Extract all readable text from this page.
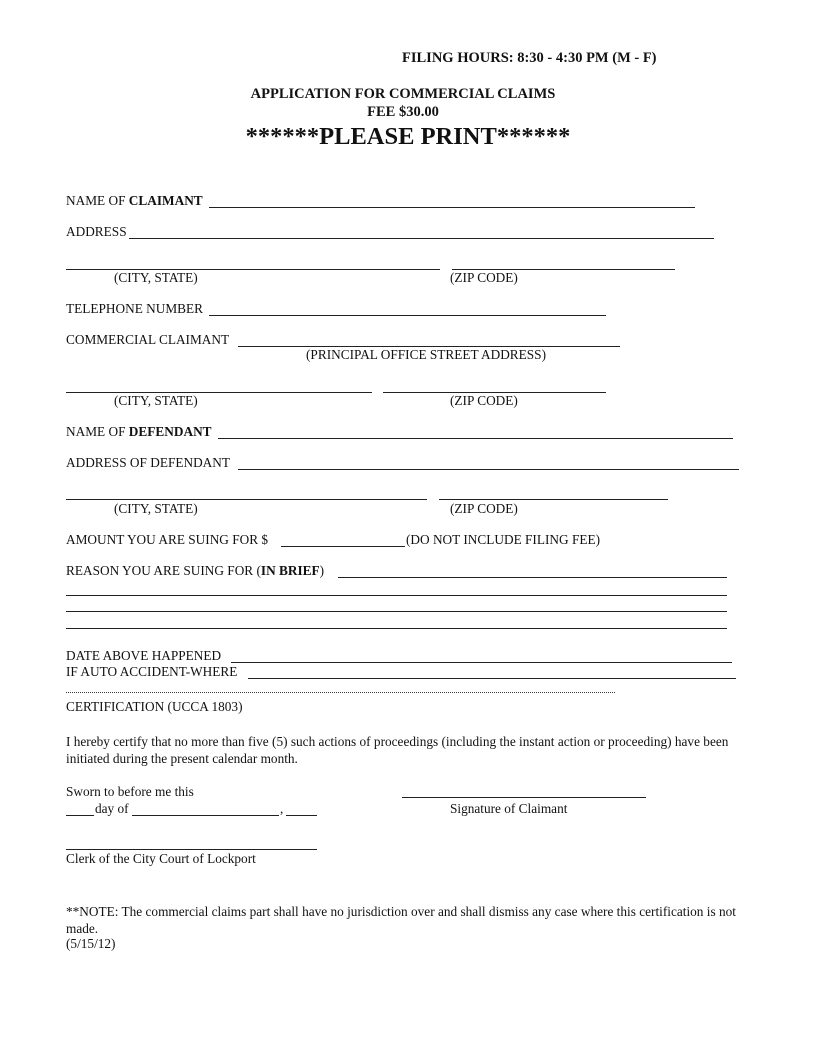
FILING HOURS: 8:30 - 4:30 PM (M - F)
APPLICATION FOR COMMERCIAL CLAIMS
FEE $30.00
******PLEASE PRINT******
NAME OF CLAIMANT
ADDRESS
(CITY, STATE)	(ZIP CODE)
TELEPHONE NUMBER
COMMERCIAL CLAIMANT
(PRINCIPAL OFFICE STREET ADDRESS)
(CITY, STATE)	(ZIP CODE)
NAME OF DEFENDANT
ADDRESS OF DEFENDANT
(CITY, STATE)	(ZIP CODE)
AMOUNT YOU ARE SUING FOR $	(DO NOT INCLUDE FILING FEE)
REASON YOU ARE SUING FOR (IN BRIEF)
DATE ABOVE HAPPENED
IF AUTO ACCIDENT-WHERE
CERTIFICATION (UCCA 1803)
I hereby certify that no more than five (5) such actions of proceedings (including the instant action or proceeding) have been initiated during the present calendar month.
Sworn to before me this
day of	,	Signature of Claimant
Clerk of the City Court of Lockport
**NOTE: The commercial claims part shall have no jurisdiction over and shall dismiss any case where this certification is not made.
(5/15/12)
